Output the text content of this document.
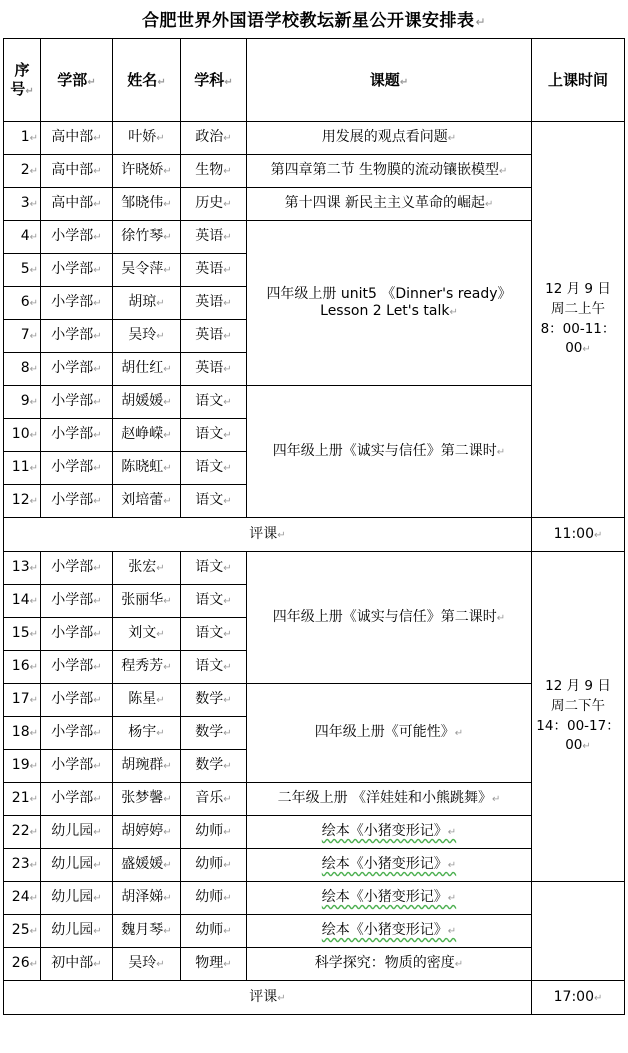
合肥世界外国语学校教坛新星公开课安排表↵
序
号 ↵	学部 ↵	姓名 ↵	学科 ↵	课题 ↵	上课时间
1 ↵	高中部 ↵	叶娇 ↵	政治 ↵	用发展的观点看问题 ↵	12 月 9 日
周二上午
8：00-11：
00 ↵
2 ↵	高中部 ↵	许晓娇 ↵	生物 ↵	第四章第二节 生物膜的流动镶嵌模型 ↵
3 ↵	高中部 ↵	邹晓伟 ↵	历史 ↵	第十四课 新民主主义革命的崛起 ↵
4 ↵	小学部 ↵	徐竹琴 ↵	英语 ↵	四年级上册 unit5 《Dinner's ready》
Lesson 2 Let's talk ↵
5 ↵	小学部 ↵	吴令萍 ↵	英语 ↵
6 ↵	小学部 ↵	胡琼 ↵	英语 ↵
7 ↵	小学部 ↵	吴玲 ↵	英语 ↵
8 ↵	小学部 ↵	胡仕红 ↵	英语 ↵
9 ↵	小学部 ↵	胡媛媛 ↵	语文 ↵	四年级上册《诚实与信任》第二课时 ↵
10 ↵	小学部 ↵	赵峥嵘 ↵	语文 ↵
11 ↵	小学部 ↵	陈晓虹 ↵	语文 ↵
12 ↵	小学部 ↵	刘培蕾 ↵	语文 ↵
评课 ↵					11:00 ↵
13 ↵	小学部 ↵	张宏 ↵	语文 ↵	四年级上册《诚实与信任》第二课时 ↵	12 月 9 日
周二下午
14：00-17：
00 ↵
14 ↵	小学部 ↵	张丽华 ↵	语文 ↵
15 ↵	小学部 ↵	刘文 ↵	语文 ↵
16 ↵	小学部 ↵	程秀芳 ↵	语文 ↵
17 ↵	小学部 ↵	陈星 ↵	数学 ↵	四年级上册《可能性》 ↵
18 ↵	小学部 ↵	杨宇 ↵	数学 ↵
19 ↵	小学部 ↵	胡琬群 ↵	数学 ↵
21 ↵	小学部 ↵	张梦馨 ↵	音乐 ↵	二年级上册 《洋娃娃和小熊跳舞》 ↵
22 ↵	幼儿园 ↵	胡婷婷 ↵	幼师 ↵	绘本《小猪变形记》 ↵
23 ↵	幼儿园 ↵	盛媛媛 ↵	幼师 ↵	绘本《小猪变形记》 ↵
24 ↵	幼儿园 ↵	胡泽娣 ↵	幼师 ↵	绘本《小猪变形记》 ↵	
25 ↵	幼儿园 ↵	魏月琴 ↵	幼师 ↵	绘本《小猪变形记》 ↵
26 ↵	初中部 ↵	吴玲 ↵	物理 ↵	科学探究：物质的密度 ↵
评课 ↵					17:00 ↵
